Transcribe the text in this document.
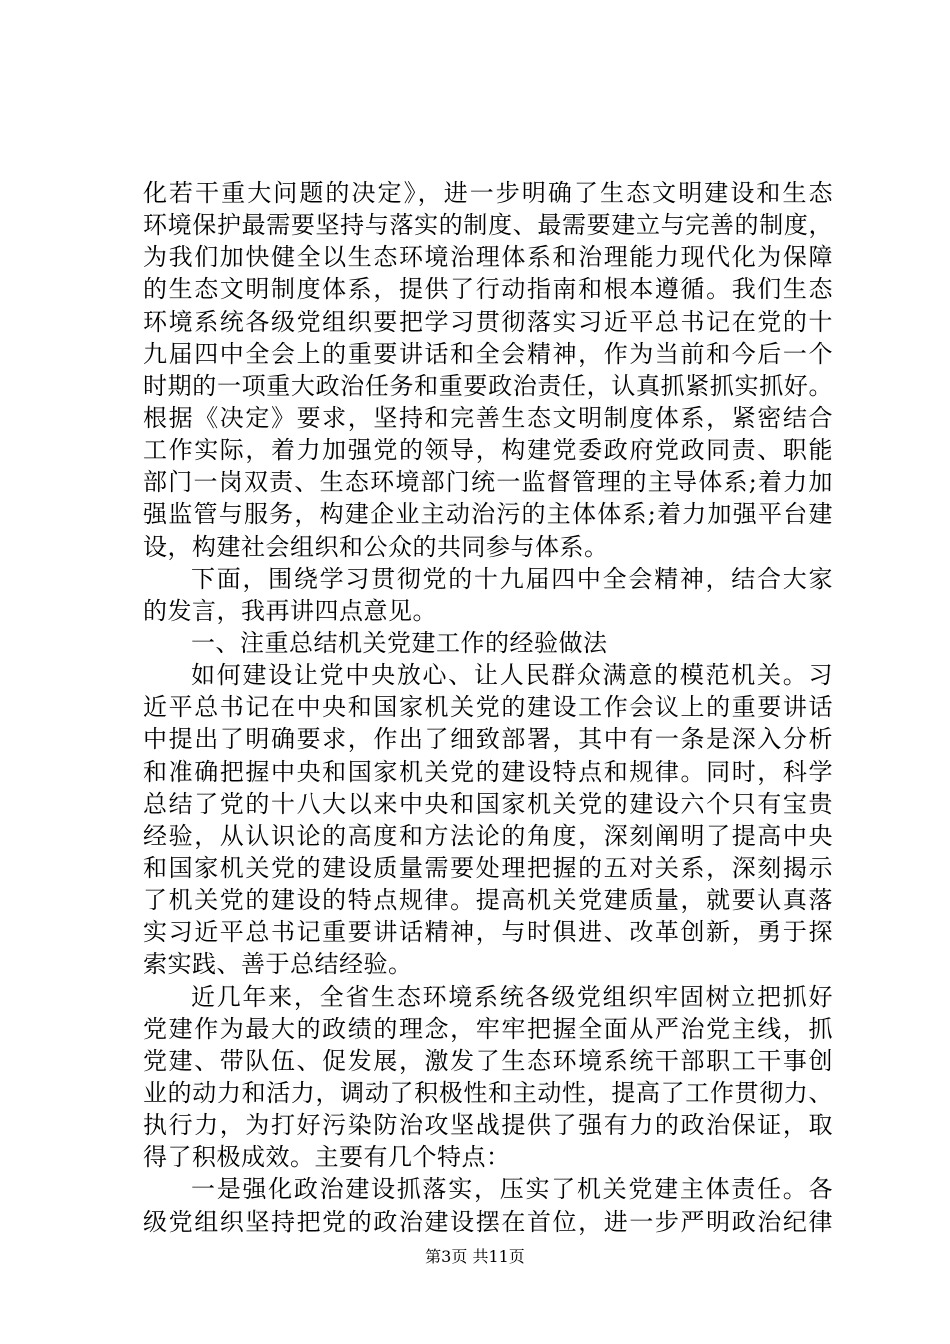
化若干重大问题的决定》，进一步明确了生态文明建设和生态
环境保护最需要坚持与落实的制度、最需要建立与完善的制度，
为我们加快健全以生态环境治理体系和治理能力现代化为保障
的生态文明制度体系，提供了行动指南和根本遵循。我们生态
环境系统各级党组织要把学习贯彻落实习近平总书记在党的十
九届四中全会上的重要讲话和全会精神，作为当前和今后一个
时期的一项重大政治任务和重要政治责任，认真抓紧抓实抓好。
根据《决定》要求，坚持和完善生态文明制度体系，紧密结合
工作实际，着力加强党的领导，构建党委政府党政同责、职能
部门一岗双责、生态环境部门统一监督管理的主导体系;着力加
强监管与服务，构建企业主动治污的主体体系;着力加强平台建
设，构建社会组织和公众的共同参与体系。
下面，围绕学习贯彻党的十九届四中全会精神，结合大家
的发言，我再讲四点意见。
一、注重总结机关党建工作的经验做法
如何建设让党中央放心、让人民群众满意的模范机关。习
近平总书记在中央和国家机关党的建设工作会议上的重要讲话
中提出了明确要求，作出了细致部署，其中有一条是深入分析
和准确把握中央和国家机关党的建设特点和规律。同时，科学
总结了党的十八大以来中央和国家机关党的建设六个只有宝贵
经验，从认识论的高度和方法论的角度，深刻阐明了提高中央
和国家机关党的建设质量需要处理把握的五对关系，深刻揭示
了机关党的建设的特点规律。提高机关党建质量，就要认真落
实习近平总书记重要讲话精神，与时俱进、改革创新，勇于探
索实践、善于总结经验。
近几年来，全省生态环境系统各级党组织牢固树立把抓好
党建作为最大的政绩的理念，牢牢把握全面从严治党主线，抓
党建、带队伍、促发展，激发了生态环境系统干部职工干事创
业的动力和活力，调动了积极性和主动性，提高了工作贯彻力、
执行力，为打好污染防治攻坚战提供了强有力的政治保证，取
得了积极成效。主要有几个特点：
一是强化政治建设抓落实，压实了机关党建主体责任。各
级党组织坚持把党的政治建设摆在首位，进一步严明政治纪律
第3页 共11页
